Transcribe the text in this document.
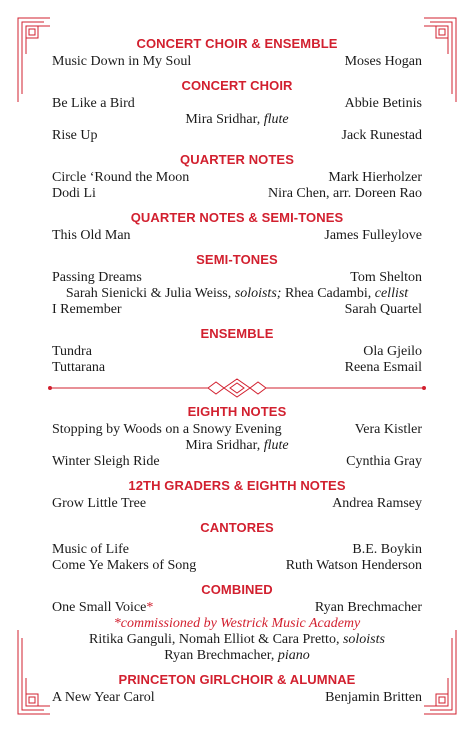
CONCERT CHOIR & ENSEMBLE
Music Down in My Soul	Moses Hogan
CONCERT CHOIR
Be Like a Bird	Abbie Betinis
Mira Sridhar, flute
Rise Up	Jack Runestad
QUARTER NOTES
Circle ‘Round the Moon	Mark Hierholzer
Dodi Li	Nira Chen, arr. Doreen Rao
QUARTER NOTES & SEMI-TONES
This Old Man	James Fulleylove
SEMI-TONES
Passing Dreams	Tom Shelton
Sarah Sienicki & Julia Weiss, soloists; Rhea Cadambi, cellist
I Remember	Sarah Quartel
ENSEMBLE
Tundra	Ola Gjeilo
Tuttarana	Reena Esmail
EIGHTH NOTES
Stopping by Woods on a Snowy Evening	Vera Kistler
Mira Sridhar, flute
Winter Sleigh Ride	Cynthia Gray
12TH GRADERS & EIGHTH NOTES
Grow Little Tree	Andrea Ramsey
CANTORES
Music of Life	B.E. Boykin
Come Ye Makers of Song	Ruth Watson Henderson
COMBINED
One Small Voice*	Ryan Brechmacher
*commissioned by Westrick Music Academy
Ritika Ganguli, Nomah Elliot & Cara Pretto, soloists
Ryan Brechmacher, piano
PRINCETON GIRLCHOIR & ALUMNAE
A New Year Carol	Benjamin Britten
